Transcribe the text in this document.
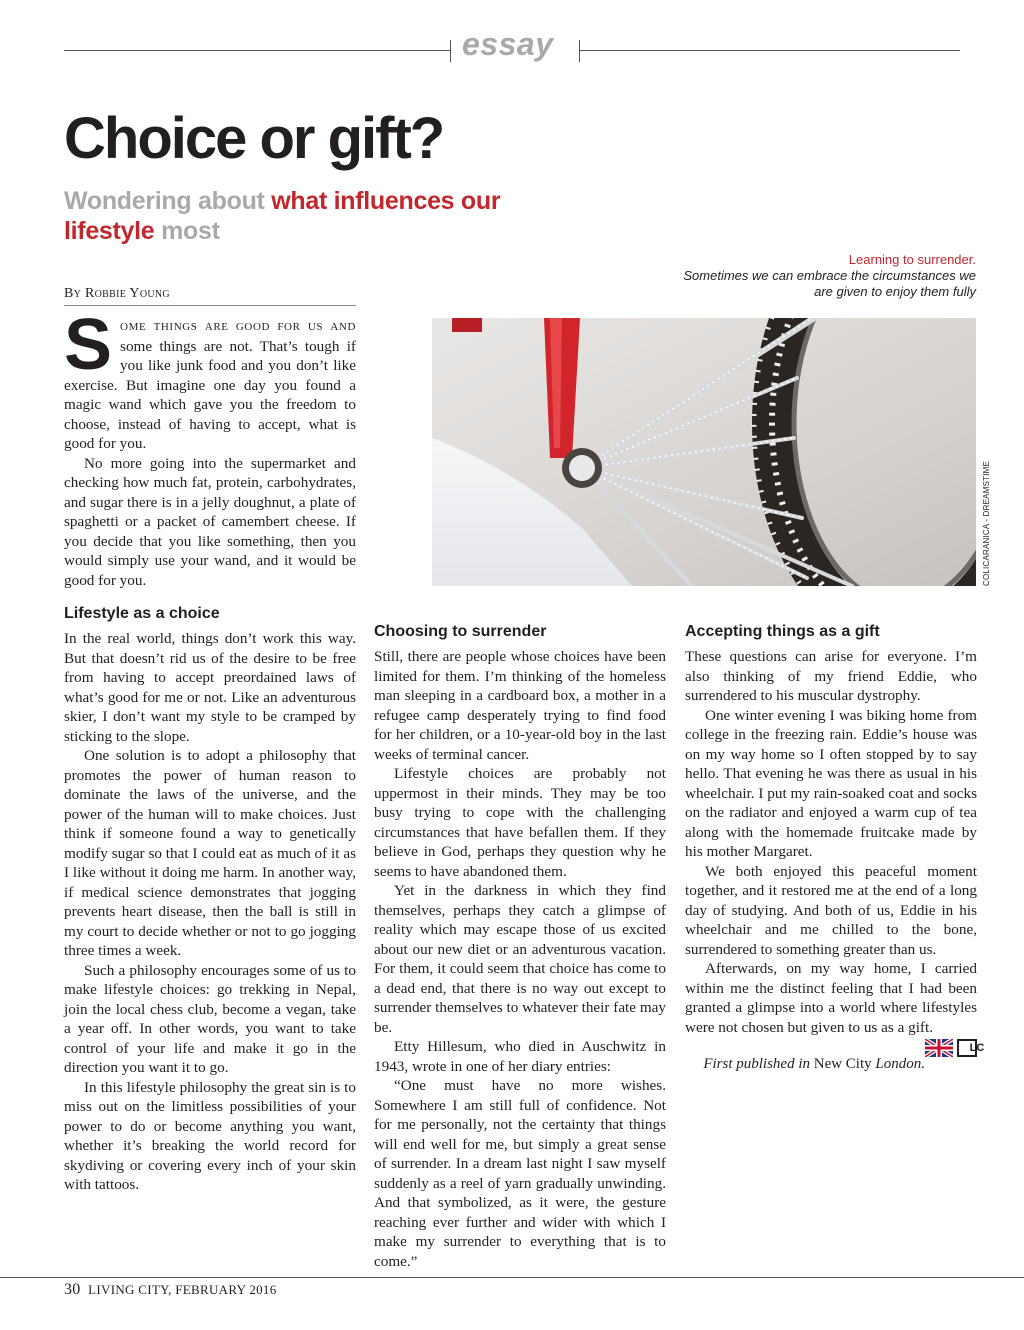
essay
Choice or gift?
Wondering about what influences our lifestyle most
By Robbie Young
Learning to surrender.
Sometimes we can embrace the circumstances we are given to enjoy them fully
COLICARANICA - DREAMSTIME

Some things are good for us and some things are not. That’s tough if you like junk food and you don’t like exercise. But imagine one day you found a magic wand which gave you the freedom to choose, instead of having to accept, what is good for you.

No more going into the supermarket and checking how much fat, protein, carbohydrates, and sugar there is in a jelly doughnut, a plate of spaghetti or a packet of camembert cheese. If you decide that you like something, then you would simply use your wand, and it would be good for you.

Lifestyle as a choice

In the real world, things don’t work this way. But that doesn’t rid us of the desire to be free from having to accept preordained laws of what’s good for me or not. Like an adventurous skier, I don’t want my style to be cramped by sticking to the slope.

One solution is to adopt a philosophy that promotes the power of human reason to dominate the laws of the universe, and the power of the human will to make choices. Just think if someone found a way to genetically modify sugar so that I could eat as much of it as I like without it doing me harm. In another way, if medical science demonstrates that jogging prevents heart disease, then the ball is still in my court to decide whether or not to go jogging three times a week.

Such a philosophy encourages some of us to make lifestyle choices: go trekking in Nepal, join the local chess club, become a vegan, take a year off. In other words, you want to take control of your life and make it go in the direction you want it to go.

In this lifestyle philosophy the great sin is to miss out on the limitless possibilities of your power to do or become anything you want, whether it’s breaking the world record for skydiving or covering every inch of your skin with tattoos.

Choosing to surrender

Still, there are people whose choices have been limited for them. I’m thinking of the homeless man sleeping in a cardboard box, a mother in a refugee camp desperately trying to find food for her children, or a 10-year-old boy in the last weeks of terminal cancer.

Lifestyle choices are probably not uppermost in their minds. They may be too busy trying to cope with the challenging circumstances that have befallen them. If they believe in God, perhaps they question why he seems to have abandoned them.

Yet in the darkness in which they find themselves, perhaps they catch a glimpse of reality which may escape those of us excited about our new diet or an adventurous vacation. For them, it could seem that choice has come to a dead end, that there is no way out except to surrender themselves to whatever their fate may be.

Etty Hillesum, who died in Auschwitz in 1943, wrote in one of her diary entries:

“One must have no more wishes. Somewhere I am still full of confidence. Not for me personally, not the certainty that things will end well for me, but simply a great sense of surrender. In a dream last night I saw myself suddenly as a reel of yarn gradually unwinding. And that symbolized, as it were, the gesture reaching ever further and wider with which I make my surrender to everything that is to come.”

Accepting things as a gift

These questions can arise for everyone. I’m also thinking of my friend Eddie, who surrendered to his muscular dystrophy.

One winter evening I was biking home from college in the freezing rain. Eddie’s house was on my way home so I often stopped by to say hello. That evening he was there as usual in his wheelchair. I put my rain-soaked coat and socks on the radiator and enjoyed a warm cup of tea along with the homemade fruitcake made by his mother Margaret.

We both enjoyed this peaceful moment together, and it restored me at the end of a long day of studying. And both of us, Eddie in his wheelchair and me chilled to the bone, surrendered to something greater than us.

Afterwards, on my way home, I carried within me the distinct feeling that I had been granted a glimpse into a world where lifestyles were not chosen but given to us as a gift.
LC

First published in New City London.

30 LIVING CITY, FEBRUARY 2016
